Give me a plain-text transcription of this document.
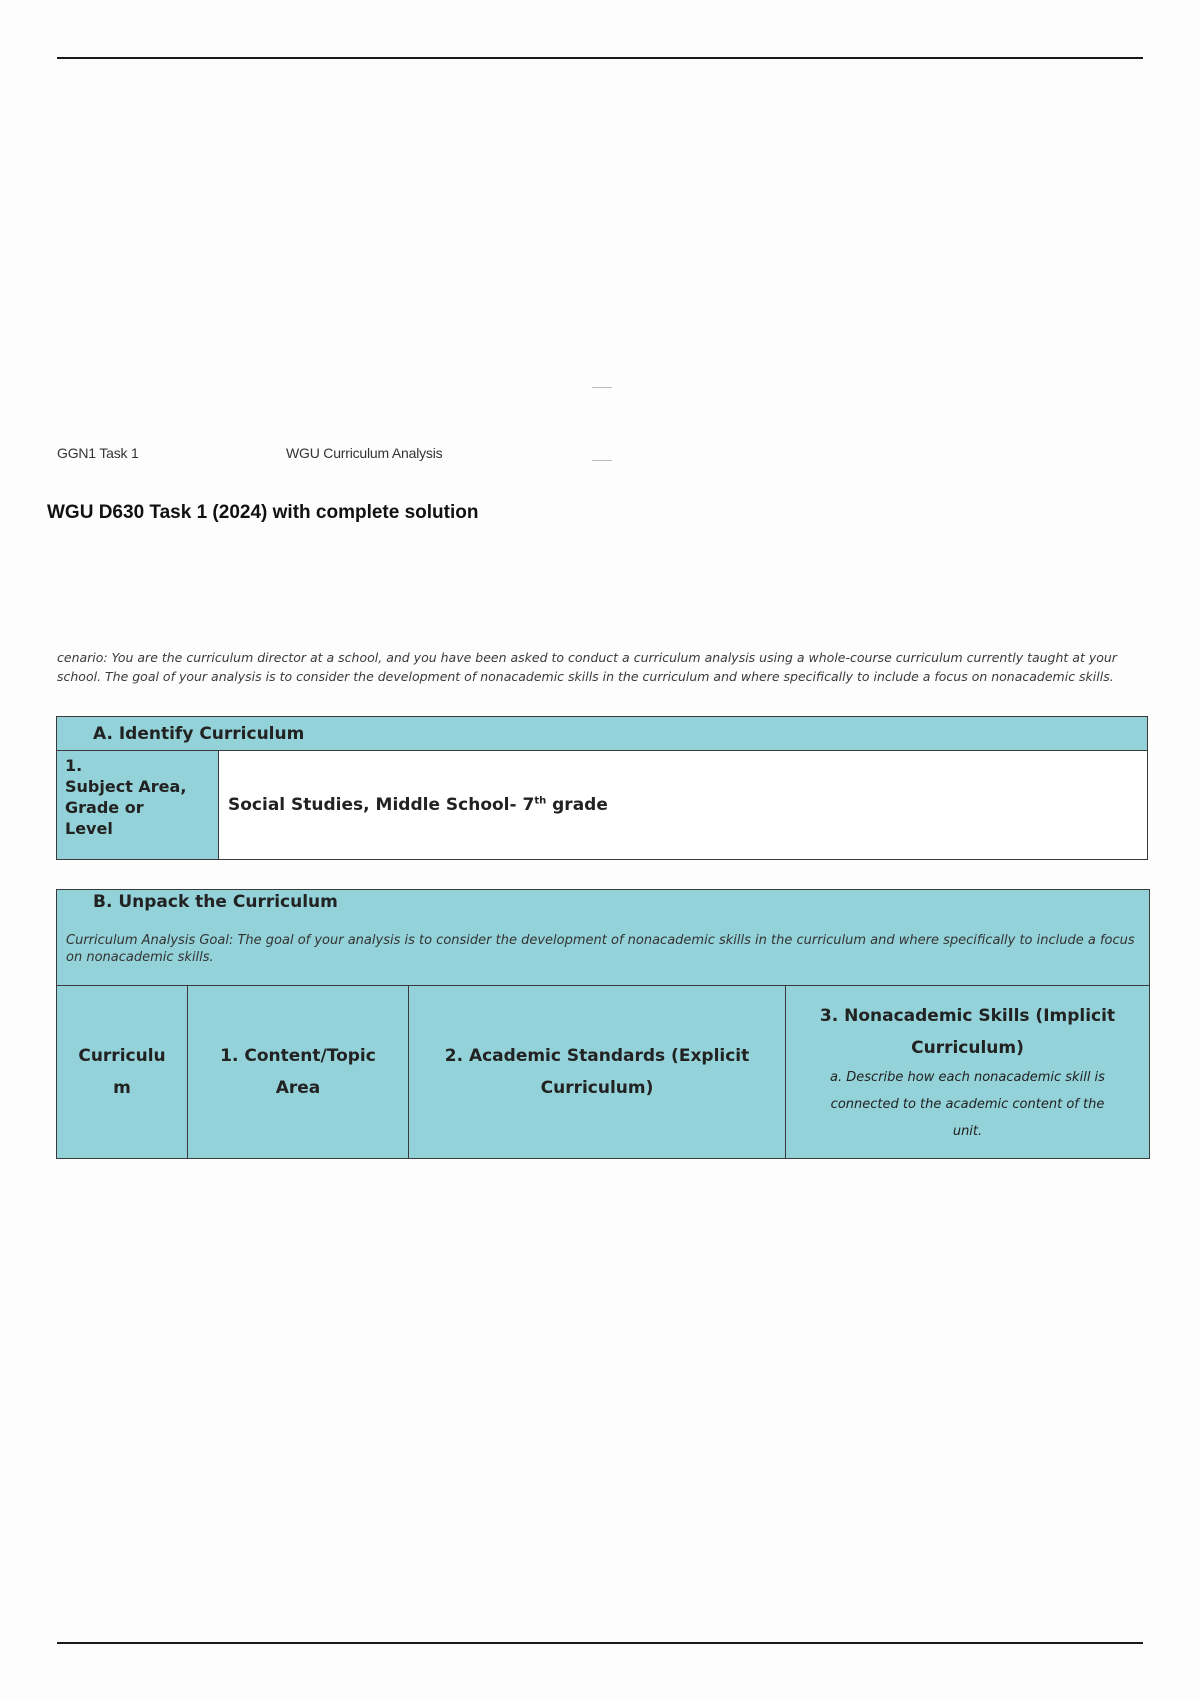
GGN1 Task 1	WGU Curriculum Analysis
WGU D630 Task 1 (2024) with complete solution
cenario: You are the curriculum director at a school, and you have been asked to conduct a curriculum analysis using a whole-course curriculum currently taught at your school. The goal of your analysis is to consider the development of nonacademic skills in the curriculum and where specifically to include a focus on nonacademic skills.
A. Identify Curriculum
1.
Subject Area,
Grade or
Level	Social Studies, Middle School- 7th grade
B. Unpack the Curriculum
Curriculum Analysis Goal: The goal of your analysis is to consider the development of nonacademic skills in the curriculum and where specifically to include a focus on nonacademic skills.

Curriculu
m	1. Content/Topic
Area	2. Academic Standards (Explicit
Curriculum)	3. Nonacademic Skills (Implicit
Curriculum)
a. Describe how each nonacademic skill is connected to the academic content of the unit.
